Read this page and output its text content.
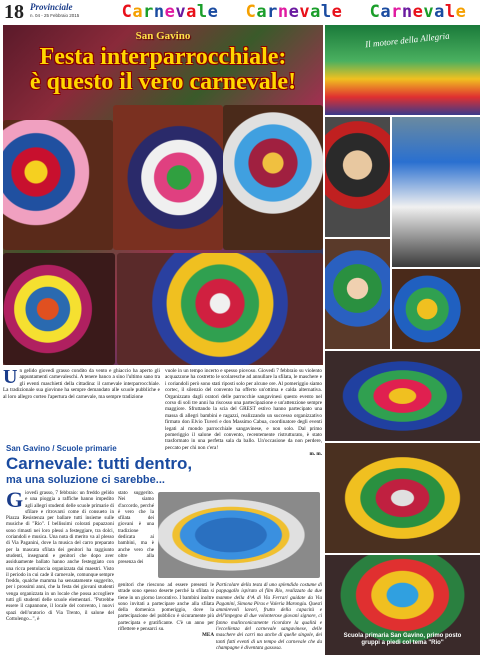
18 Provinciale
n. 04 - 25 Febbraio 2015 Carnevale Carnevale Carnevale
San Gavino
Festa interparrocchiale:
è questo il vero carnevale!
Un gelido giovedì grasso condito da vento e ghiaccio ha aperto gli appuntamenti carnevaleschi. A tenere banco a sino l'ultimo sano tra gli eventi maschietti della cittadina: il carnevale interparrocchiale. La tradizionale sua giovinne ha sempre demandato alle scuole pubbliche e al loro allegro corteo l'apertura del carnevale, ma sempre tradizione
vuole in un tempo incerto e spesso piovoso. Giovedì 7 febbraio su violento acquazzone ha costretto le scolaresche ad annullare la sfilata, le maschere e i coriandoli però sono stati riposti solo per alcune ore. Al pomeriggio siamo cortec, il silenzio del convento ha offerto un'ottima e calda alternativa. Organizzato dagli oratori delle parrocchie sangavinesi questo evento nel corso di soli tre anni ha riscosso una partecipazione e un'attenzione sempre maggiore. Sfruttando la scia del GREST estivo hanno partecipato una massa di allegri bambini e ragazzi, realizzando un successo organizzativo firmato don Elvio Tuveri e don Massimo Cabua, coordinatore degli eventi legati al mondo parrocchiale sangavinese, e non solo. Dal primo pomeriggio il salone del convento, recentemente ristrutturato, è stato trasformato in una perfetta sala da ballo. Un'occasione da non perdere, peccato per chi non c'era!
m. m.
San Gavino / Scuole primarie
Carnevale: tutti dentro,
ma una soluzione ci sarebbe...
Giovedì grasso, 7 febbraio: un freddo gelido e una pioggia a raffiche hanno impedito agli allegri studenti delle scuole primarie di sfilare e ritrovarsi come di consueto in Piazza Resistenza per ballare tutti insieme sulle musiche di "Rio". I bellissimi colorati pupazzoni sono rimasti nei loro plessi a festeggiare, tra dolci, coriandoli e musica. Una nota di merito va al plesso di Via Paganini, dove la musica del carro preparato per la mascata sfilata dei genitori ha raggiunto studenti, insegnanti e genitori che dopo aver assiduamente ballato hanno anche festeggiato con una ricca pentolaccia organizzata dai maestri. Visto il periodo in cui cade il carnevale, comunque sempre freddo, qualche mamma ha sensatamente suggerito, per i prossimi anni, che la festa dei giovani studenti venga organizzata in un locale che possa accogliere tutti gli studenti delle scuole elementari. "Potrebbe essere il capannone, il locale del convento, i nuovi spazi dell'oratorio di Via Trento, il salone del Cottolengo...", è
stato suggerito. Nei siamo d'accordo, perché è vero che la sfilata dei giovani è una tradizione dedicata ai bambini, ma è anche vero che oltre alla presenza dei
genitori che riescono ad essere presenti le strade sono spesso deserte perché la sfilata si tiene in un giorno lavorativo. I bambini inoltre sono invitati a partecipare anche alla sfilata della domenica pomeriggio, dove la partecipazione del pubblico è sicuramente più partecipata e gratificante. C'è un anno per riflettere e pensarci su.
MEA
Particolare della testa di uno splendido costume di pappagallo ispirato al film Rio, realizzato da due mamme della 4^A di Via Ferrari guidate da Via Paganini, Simona Piras e Valeria Marongiu. Questi ammirevoli lavori, frutto della capacità e dell'impegno di due volonterose giovani signore, ci fanno malinconicamente ricordare la qualità e l'eccellenza del carnevale sangavinese, delle maschere dei carri ma anche di quelle singole, dei tanti fatti eventi di un tempo del carnevale che da champagne è diventata gassosa.
Il motore della Allegria
Scuola primaria San Gavino, primo posto gruppi a piedi col tema "Rio"
